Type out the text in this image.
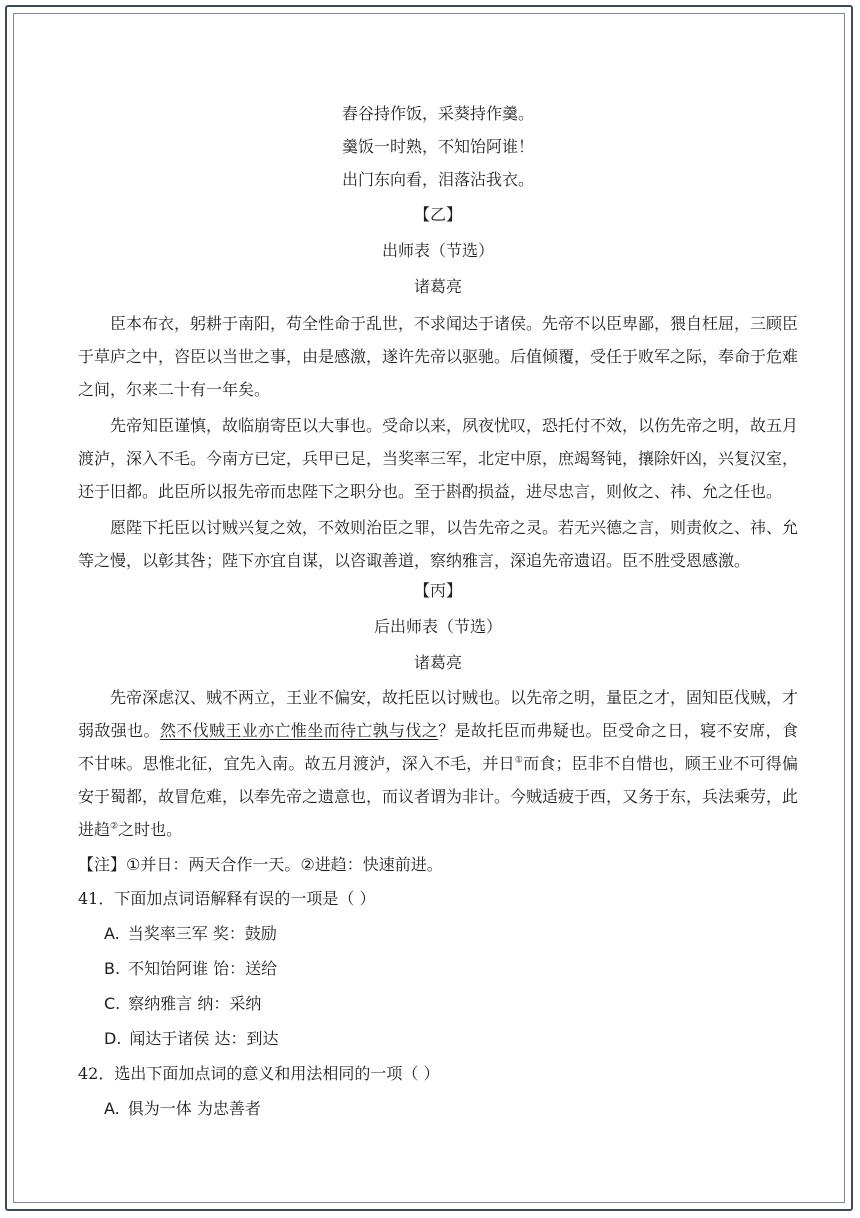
舂谷持作饭，采葵持作羹。

羹饭一时熟，不知饴阿谁！

出门东向看，泪落沾我衣。

【乙】

出师表（节选）

诸葛亮

臣本布衣，躬耕于南阳，苟全性命于乱世，不求闻达于诸侯。先帝不以臣卑鄙，猥自枉屈，三顾臣于草庐之中，咨臣以当世之事，由是感激，遂许先帝以驱驰。后值倾覆，受任于败军之际，奉命于危难之间，尔来二十有一年矣。

先帝知臣谨慎，故临崩寄臣以大事也。受命以来，夙夜忧叹，恐托付不效，以伤先帝之明，故五月渡泸，深入不毛。今南方已定，兵甲已足，当奖率三军，北定中原，庶竭驽钝，攘除奸凶，兴复汉室，还于旧都。此臣所以报先帝而忠陛下之职分也。至于斟酌损益，进尽忠言，则攸之、祎、允之任也。

愿陛下托臣以讨贼兴复之效，不效则治臣之罪，以告先帝之灵。若无兴德之言，则责攸之、祎、允等之慢，以彰其咎；陛下亦宜自谋，以咨诹善道，察纳雅言，深追先帝遗诏。臣不胜受恩感激。

【丙】

后出师表（节选）

诸葛亮

先帝深虑汉、贼不两立，王业不偏安，故托臣以讨贼也。以先帝之明，量臣之才，固知臣伐贼，才弱敌强也。然不伐贼王业亦亡惟坐而待亡孰与伐之？是故托臣而弗疑也。臣受命之日，寝不安席，食不甘味。思惟北征，宜先入南。故五月渡泸，深入不毛，并日①而食；臣非不自惜也，顾王业不可得偏安于蜀都，故冒危难，以奉先帝之遗意也，而议者谓为非计。今贼适疲于西，又务于东，兵法乘劳，此进趋②之时也。

【注】①并日：两天合作一天。②进趋：快速前进。

41．下面加点词语解释有误的一项是（ ）

A. 当奖率三军 奖：鼓励

B. 不知饴阿谁 饴：送给

C. 察纳雅言 纳：采纳

D. 闻达于诸侯 达：到达

42．选出下面加点词的意义和用法相同的一项（ ）

A. 俱为一体 为忠善者
